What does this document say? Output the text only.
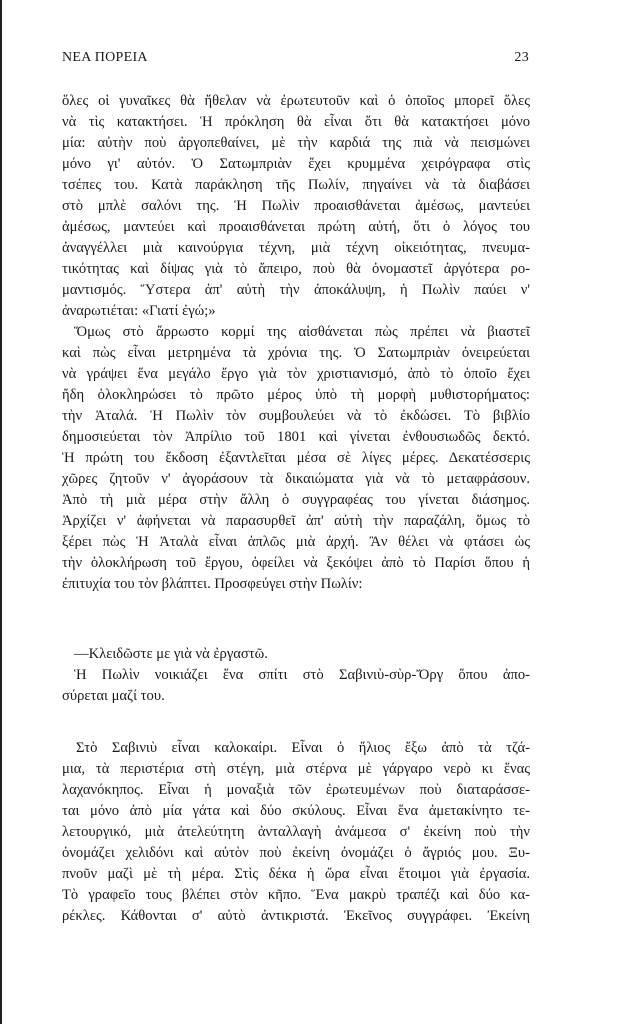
ΝΕΑ ΠΟΡΕΙΑ	23
ὅλες οἱ γυναῖκες θὰ ἤθελαν νὰ ἐρωτευτοῦν καὶ ὁ ὁποῖος μπορεῖ ὅλες
νὰ τὶς κατακτήσει. Ἡ πρόκληση θὰ εἶναι ὅτι θὰ κατακτήσει μόνο
μία: αὐτὴν ποὺ ἀργοπεθαίνει, μὲ τὴν καρδιά της πιὰ νὰ πεισμώνει
μόνο γι' αὐτόν. Ὁ Σατωμπριὰν ἔχει κρυμμένα χειρόγραφα στὶς
τσέπες του. Κατὰ παράκληση τῆς Πωλίν, πηγαίνει νὰ τὰ διαβάσει
στὸ μπλὲ σαλόνι της. Ἡ Πωλὶν προαισθάνεται ἀμέσως, μαντεύει
ἀμέσως, μαντεύει καὶ προαισθάνεται πρώτη αὐτή, ὅτι ὁ λόγος του
ἀναγγέλλει μιὰ καινούργια τέχνη, μιὰ τέχνη οἰκειότητας, πνευμα-
τικότητας καὶ δίψας γιὰ τὸ ἄπειρο, ποὺ θὰ ὀνομαστεῖ ἀργότερα ρο-
μαντισμός. Ὕστερα ἀπ' αὐτὴ τὴν ἀποκάλυψη, ἡ Πωλὶν παύει ν'
ἀναρωτιέται: «Γιατί ἐγώ;»
Ὅμως στὸ ἄρρωστο κορμί της αἰσθάνεται πὼς πρέπει νὰ βιαστεῖ
καὶ πὼς εἶναι μετρημένα τὰ χρόνια της. Ὁ Σατωμπριὰν ὀνειρεύεται
νὰ γράψει ἕνα μεγάλο ἔργο γιὰ τὸν χριστιανισμό, ἀπὸ τὸ ὁποῖο ἔχει
ἤδη ὁλοκληρώσει τὸ πρῶτο μέρος ὑπὸ τὴ μορφὴ μυθιστορήματος:
τὴν Ἀταλά. Ἡ Πωλὶν τὸν συμβουλεύει νὰ τὸ ἐκδώσει. Τὸ βιβλίο
δημοσιεύεται τὸν Ἀπρίλιο τοῦ 1801 καὶ γίνεται ἐνθουσιωδῶς δεκτό.
Ἡ πρώτη του ἔκδοση ἐξαντλεῖται μέσα σὲ λίγες μέρες. Δεκατέσσερις
χῶρες ζητοῦν ν' ἀγοράσουν τὰ δικαιώματα γιὰ νὰ τὸ μεταφράσουν.
Ἀπὸ τὴ μιὰ μέρα στὴν ἄλλη ὁ συγγραφέας του γίνεται διάσημος.
Ἀρχίζει ν' ἀφήνεται νὰ παρασυρθεῖ ἀπ' αὐτὴ τὴν παραζάλη, ὅμως τὸ
ξέρει πὼς Ἡ Ἀταλὰ εἶναι ἁπλῶς μιὰ ἀρχή. Ἂν θέλει νὰ φτάσει ὡς
τὴν ὁλοκλήρωση τοῦ ἔργου, ὀφείλει νὰ ξεκόψει ἀπὸ τὸ Παρίσι ὅπου ἡ
ἐπιτυχία του τὸν βλάπτει. Προσφεύγει στὴν Πωλίν:
—Κλειδῶστε με γιὰ νὰ ἐργαστῶ.
Ἡ Πωλὶν νοικιάζει ἕνα σπίτι στὸ Σαβινιὺ-σὺρ-Ὄργ ὅπου ἀπο-
σύρεται μαζί του.
Στὸ Σαβινιὺ εἶναι καλοκαίρι. Εἶναι ὁ ἥλιος ἔξω ἀπὸ τὰ τζά-
μια, τὰ περιστέρια στὴ στέγη, μιὰ στέρνα μὲ γάργαρο νερὸ κι ἕνας
λαχανόκηπος. Εἶναι ἡ μοναξιὰ τῶν ἐρωτευμένων ποὺ διαταράσσε-
ται μόνο ἀπὸ μία γάτα καὶ δύο σκύλους. Εἶναι ἕνα ἀμετακίνητο τε-
λετουργικό, μιὰ ἀτελεύτητη ἀνταλλαγὴ ἀνάμεσα σ' ἐκείνη ποὺ τὴν
ὀνομάζει χελιδόνι καὶ αὐτὸν ποὺ ἐκείνη ὀνομάζει ὁ ἄγριός μου. Ξυ-
πνοῦν μαζὶ μὲ τὴ μέρα. Στὶς δέκα ἡ ὥρα εἶναι ἕτοιμοι γιὰ ἐργασία.
Τὸ γραφεῖο τους βλέπει στὸν κῆπο. Ἕνα μακρὺ τραπέζι καὶ δύο κα-
ρέκλες. Κάθονται σ' αὐτὸ ἀντικριστά. Ἐκεῖνος συγγράφει. Ἐκείνη
